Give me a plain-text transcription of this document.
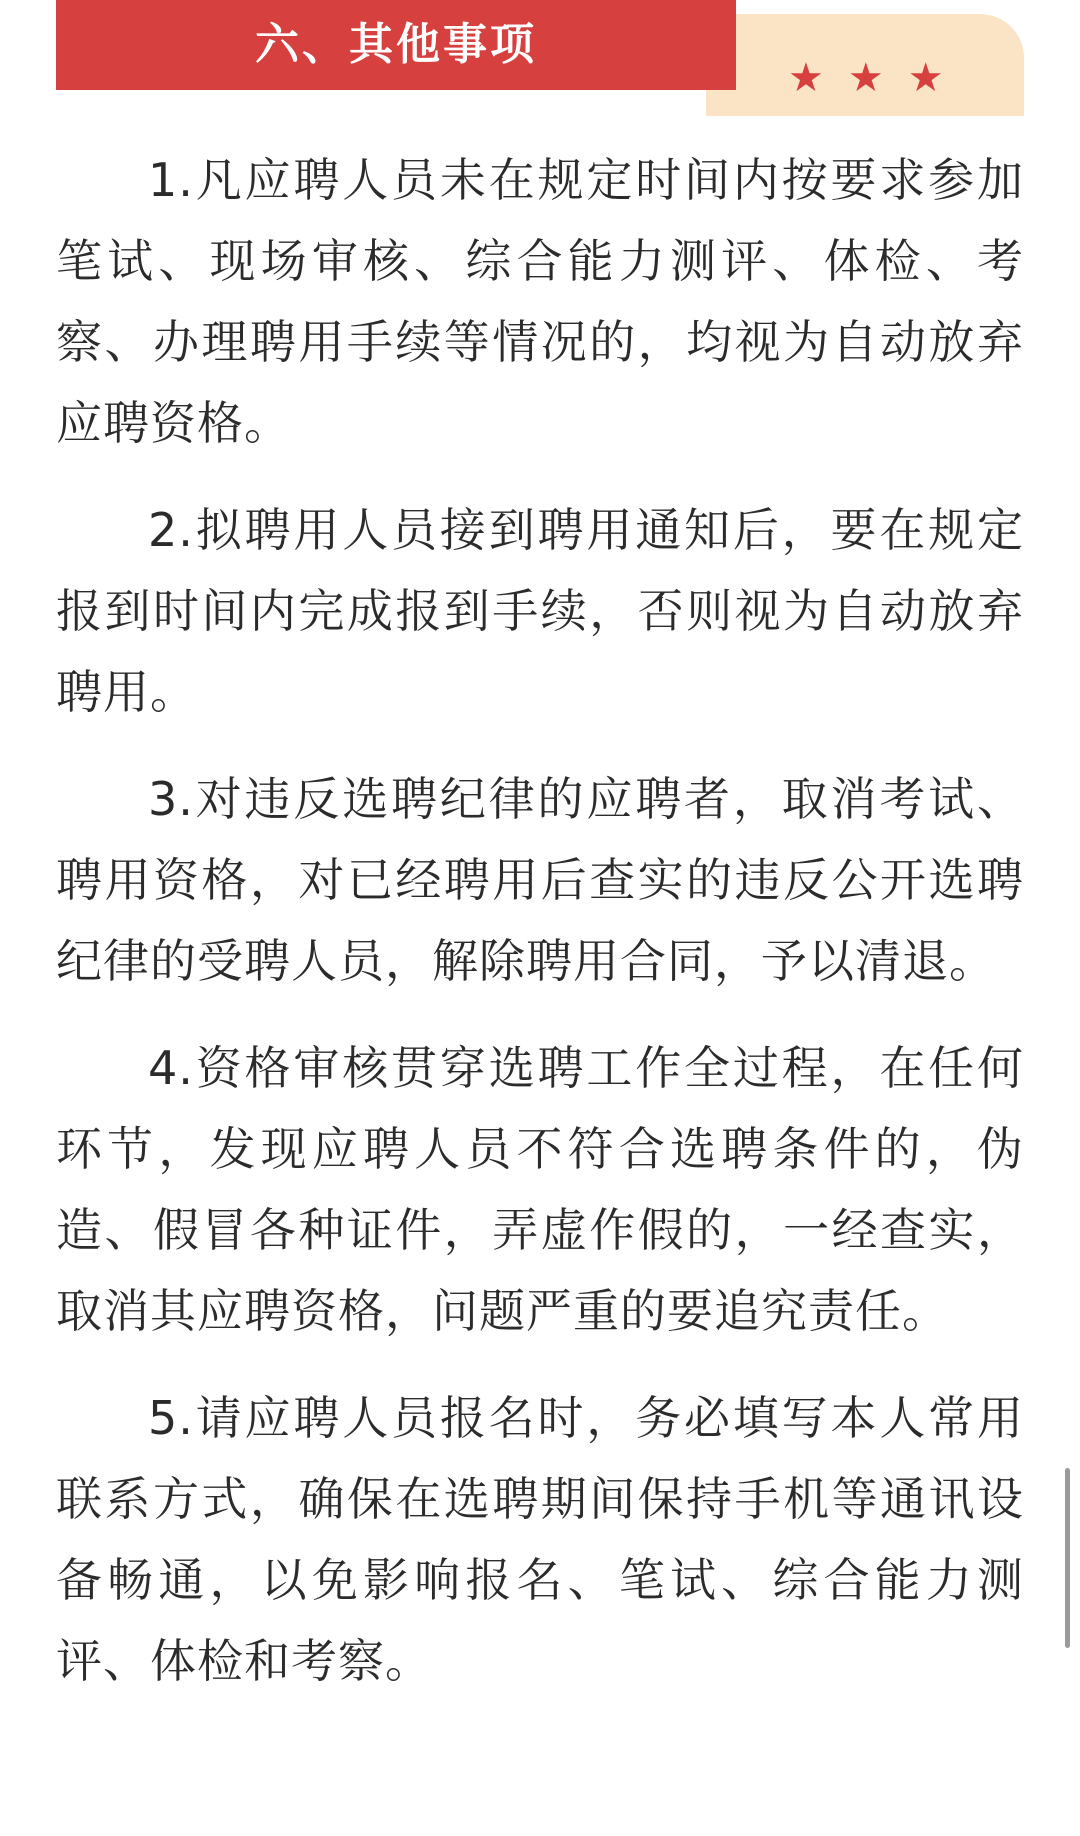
★ ★ ★
六、其他事项

1.凡应聘人员未在规定时间内按要求参加笔试、现场审核、综合能力测评、体检、考察、办理聘用手续等情况的，均视为自动放弃应聘资格。

2.拟聘用人员接到聘用通知后，要在规定报到时间内完成报到手续，否则视为自动放弃聘用。

3.对违反选聘纪律的应聘者，取消考试、聘用资格，对已经聘用后查实的违反公开选聘纪律的受聘人员，解除聘用合同，予以清退。

4.资格审核贯穿选聘工作全过程，在任何环节，发现应聘人员不符合选聘条件的，伪造、假冒各种证件，弄虚作假的，一经查实，取消其应聘资格，问题严重的要追究责任。

5.请应聘人员报名时，务必填写本人常用联系方式，确保在选聘期间保持手机等通讯设备畅通，以免影响报名、笔试、综合能力测评、体检和考察。
